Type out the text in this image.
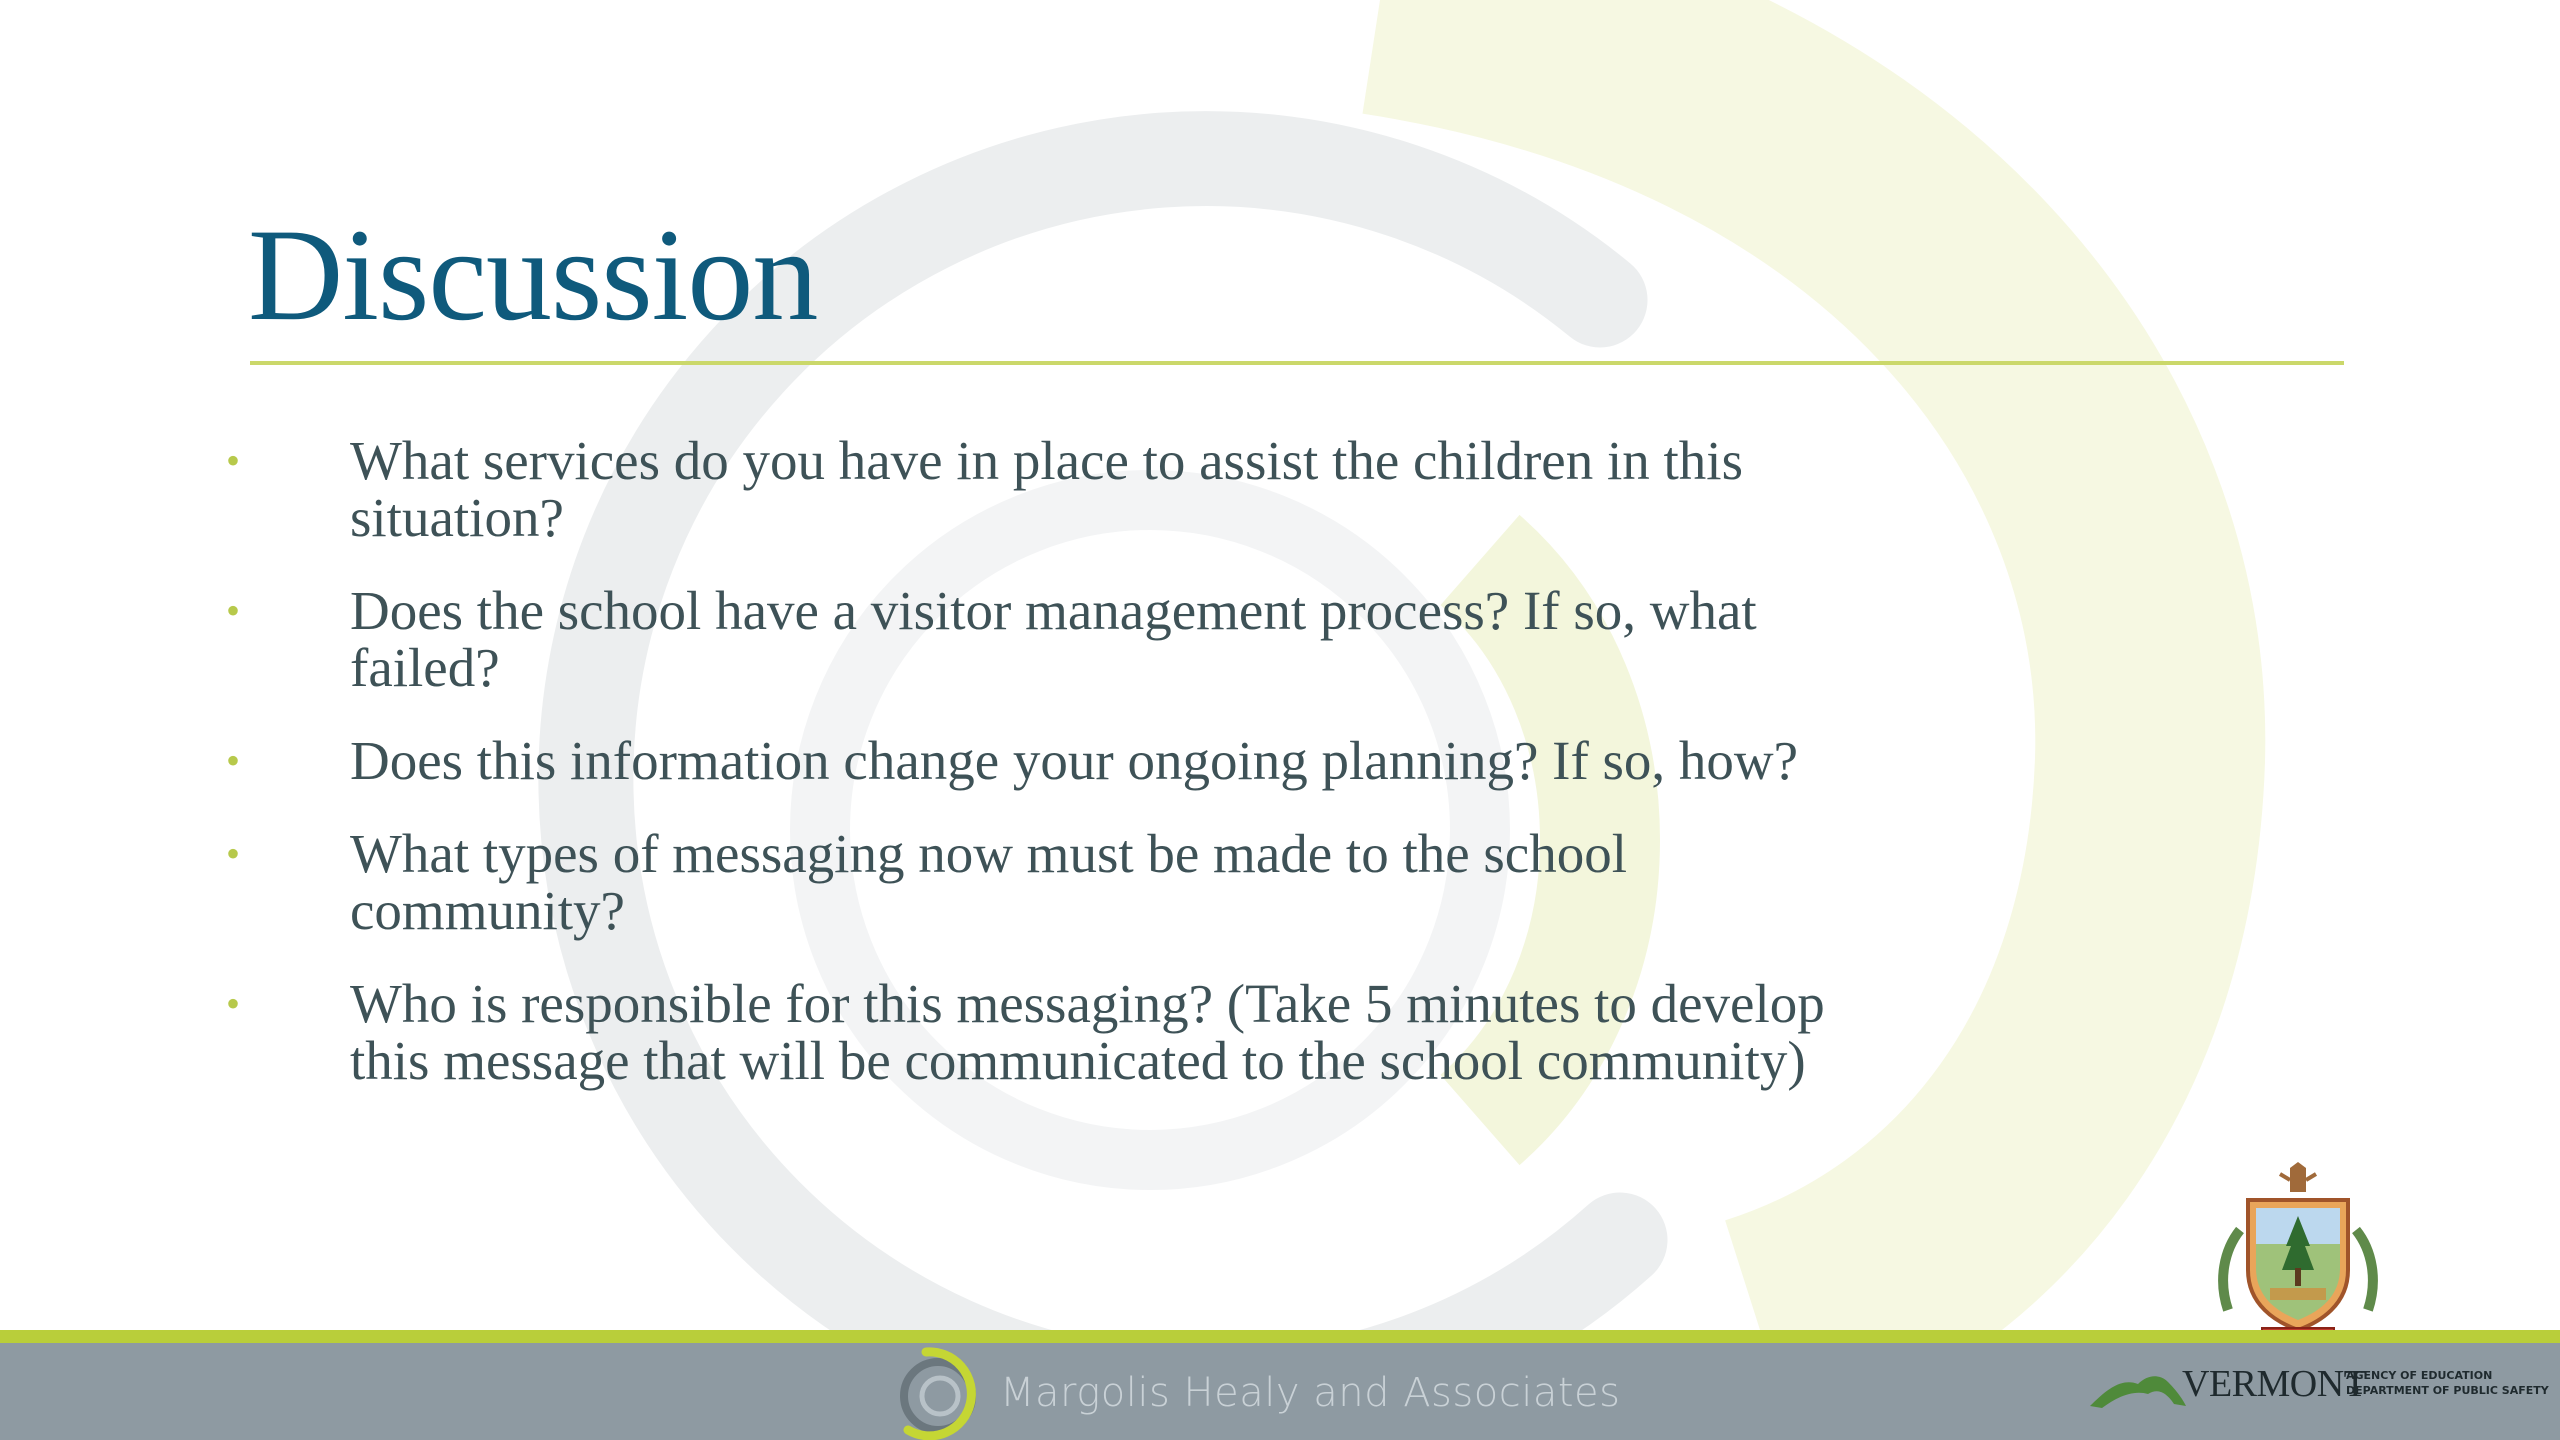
Discussion
• What services do you have in place to assist the children in this situation?
• Does the school have a visitor management process? If so, what failed?
• Does this information change your ongoing planning? If so, how?
• What types of messaging now must be made to the school community?
• Who is responsible for this messaging? (Take 5 minutes to develop this message that will be communicated to the school community)
Margolis Healy and Associates	VERMONT
AGENCY OF EDUCATION
DEPARTMENT OF PUBLIC SAFETY
